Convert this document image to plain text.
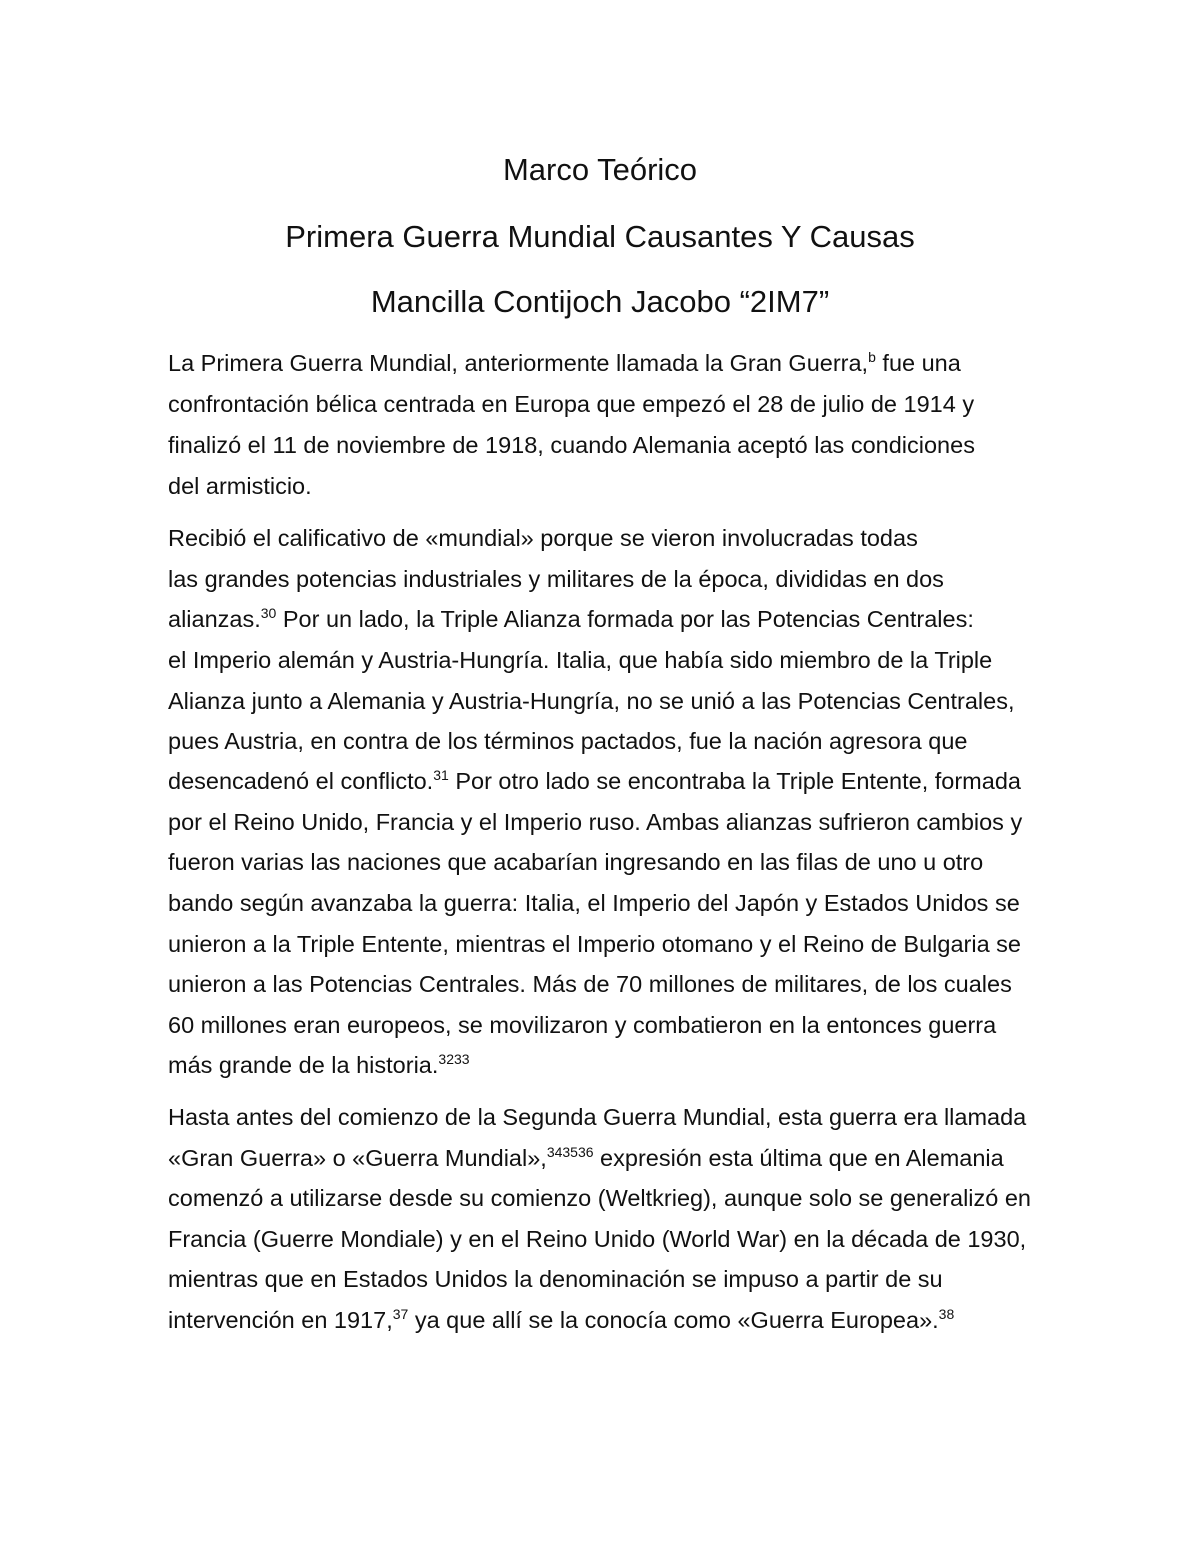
Marco Teórico
Primera Guerra Mundial Causantes Y Causas
Mancilla Contijoch Jacobo “2IM7”
La Primera Guerra Mundial, anteriormente llamada la Gran Guerra,$^b$ fue una
confrontación bélica centrada en Europa que empezó el 28 de julio de 1914 y
finalizó el 11 de noviembre de 1918, cuando Alemania aceptó las condiciones
del armisticio.
Recibió el calificativo de «mundial» porque se vieron involucradas todas
las grandes potencias industriales y militares de la época, divididas en dos
alianzas.$^{30}$ Por un lado, la Triple Alianza formada por las Potencias Centrales:
el Imperio alemán y Austria-Hungría. Italia, que había sido miembro de la Triple
Alianza junto a Alemania y Austria-Hungría, no se unió a las Potencias Centrales,
pues Austria, en contra de los términos pactados, fue la nación agresora que
desencadenó el conflicto.$^{31}$ Por otro lado se encontraba la Triple Entente, formada
por el Reino Unido, Francia y el Imperio ruso. Ambas alianzas sufrieron cambios y
fueron varias las naciones que acabarían ingresando en las filas de uno u otro
bando según avanzaba la guerra: Italia, el Imperio del Japón y Estados Unidos se
unieron a la Triple Entente, mientras el Imperio otomano y el Reino de Bulgaria se
unieron a las Potencias Centrales. Más de 70 millones de militares, de los cuales
60 millones eran europeos, se movilizaron y combatieron en la entonces guerra
más grande de la historia.$^{3233}$
Hasta antes del comienzo de la Segunda Guerra Mundial, esta guerra era llamada
«Gran Guerra» o «Guerra Mundial»,$^{343536}$ expresión esta última que en Alemania
comenzó a utilizarse desde su comienzo (Weltkrieg), aunque solo se generalizó en
Francia (Guerre Mondiale) y en el Reino Unido (World War) en la década de 1930,
mientras que en Estados Unidos la denominación se impuso a partir de su
intervención en 1917,37 ya que allí se la conocía como «Guerra Europea».$^{38}$
